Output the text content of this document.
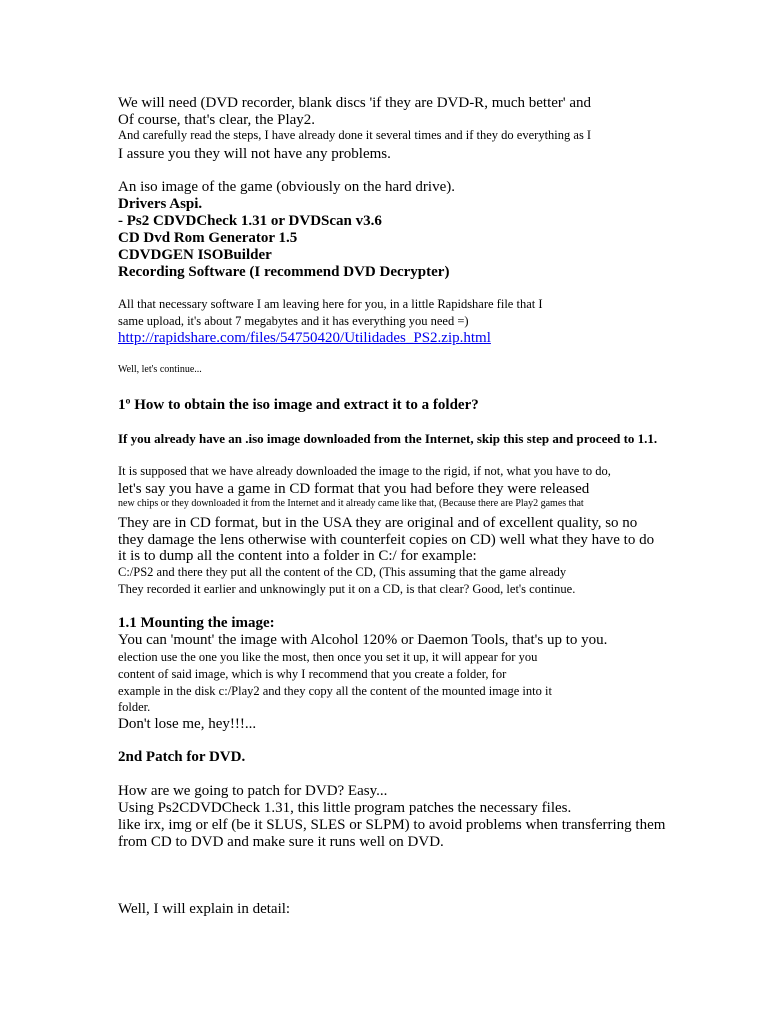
We will need (DVD recorder, blank discs 'if they are DVD-R, much better' and
Of course, that's clear, the Play2.
And carefully read the steps, I have already done it several times and if they do everything as I
I assure you they will not have any problems.
An iso image of the game (obviously on the hard drive).
Drivers Aspi.
- Ps2 CDVDCheck 1.31 or DVDScan v3.6
CD Dvd Rom Generator 1.5
CDVDGEN ISOBuilder
Recording Software (I recommend DVD Decrypter)
All that necessary software I am leaving here for you, in a little Rapidshare file that I
same upload, it's about 7 megabytes and it has everything you need =)
http://rapidshare.com/files/54750420/Utilidades_PS2.zip.html
Well, let's continue...
1º How to obtain the iso image and extract it to a folder?
If you already have an .iso image downloaded from the Internet, skip this step and proceed to 1.1.
It is supposed that we have already downloaded the image to the rigid, if not, what you have to do,
let's say you have a game in CD format that you had before they were released
new chips or they downloaded it from the Internet and it already came like that, (Because there are Play2 games that
They are in CD format, but in the USA they are original and of excellent quality, so no
they damage the lens otherwise with counterfeit copies on CD) well what they have to do
it is to dump all the content into a folder in C:/ for example:
C:/PS2 and there they put all the content of the CD, (This assuming that the game already
They recorded it earlier and unknowingly put it on a CD, is that clear? Good, let's continue.
1.1 Mounting the image:
You can 'mount' the image with Alcohol 120% or Daemon Tools, that's up to you.
election use the one you like the most, then once you set it up, it will appear for you
content of said image, which is why I recommend that you create a folder, for
example in the disk c:/Play2 and they copy all the content of the mounted image into it
folder.
Don't lose me, hey!!!...
2nd Patch for DVD.
How are we going to patch for DVD? Easy...
Using Ps2CDVDCheck 1.31, this little program patches the necessary files.
like irx, img or elf (be it SLUS, SLES or SLPM) to avoid problems when transferring them
from CD to DVD and make sure it runs well on DVD.
Well, I will explain in detail:
